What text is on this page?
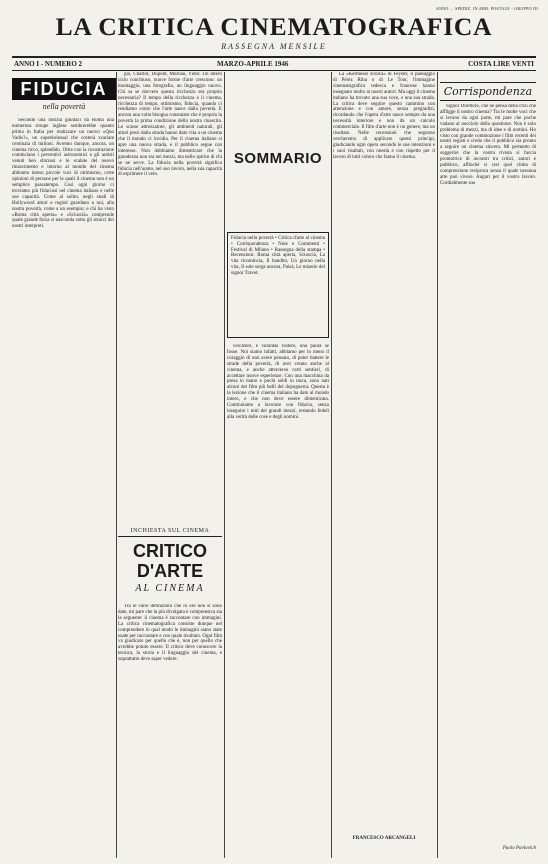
ANNO ... SPEDIZ. IN ABB. POSTALE - GRUPPO III
LA CRITICA CINEMATOGRAFICA
RASSEGNA MENSILE
ANNO I - NUMERO 2	MARZO-APRILE 1946	COSTA LIRE VENTI
FIDUCIA
nella povertà

Secondo una notizia giuntaci da Roma una numerosa troupe inglese sembrerebbe quanto prima in Italia per realizzare un nuovo «Quo Vadis?», un superkolossal che costerà svariate centinaia di milioni. Avremo dunque, ancora, un cinema ricco, splendido. Oltre con la ricostruzione cominciano i preventivi astronomici e gli autisti venuti ben sfarzosi e le scalate del nuovo rinascimento e intorno al mondo del cinema abbiamo inteso piccole voci di ottimismo, certe opinioni di persone per le quali il cinema non è un semplice passatempo. Così ogni giorno ci troviamo più fiduciosi nel cinema italiano e nelle sue capacità. Come al solito, negli studi di Hollywood attori e registi guardano a noi, alla nostra povertà, come a un esempio; e chi ha visto «Roma città aperta» e «Sciuscià» comprende quale grande forza si nasconda sotto gli stracci dei nostri interpreti.

gio, Charlot, Dupont, Murnau, Vidor. Un intero ciclo conchiuso, nuove forme d'arte crescono: un montaggio, una fotografia, un linguaggio nuovo. Chi sa se davvero questa ricchezza era proprio necessaria? Il tempo della ricchezza e il cinema, ricchezza di tempo, ottimismo, fiducia, quando ci rendiamo conto che l'arte nasce dalla povertà. E ancora una volta bisogna constatare che è proprio la povertà la prima condizione della nostra rinascita. Le scarse attrezzature, gli ambienti naturali, gli attori presi dalla strada hanno dato vita a un cinema che il mondo ci invidia. Per il cinema italiano si apre una nuova strada, e il pubblico segue con interesse. Non dobbiamo dimenticare che la grandezza non sta nei mezzi, ma nello spirito di chi se ne serve. La fiducia nella povertà significa fiducia nell'uomo, nel suo lavoro, nella sua capacità di esprimere il vero.

INCHIESTA SUL CINEMA
CRITICO D'ARTE
AL CINEMA

Tra le varie definizioni che in ore non si sono date, mi pare che la più divulgata è comprensiva sia la seguente: il cinema è raccontare con immagini. La critica cinematografica consiste dunque nel comprendere in qual modo le immagini siano state usate per raccontare e con quale risultato. Ogni film va giudicato per quello che è, non per quello che avrebbe potuto essere. Il critico deve conoscere la tecnica, la storia e il linguaggio del cinema, e soprattutto deve saper vedere.

SOMMARIO
Fiducia nella povertà • Critica d'arte al cinema • Corrispondenza • Note e Commenti • Festival di Milano • Rassegna della stampa • Recensioni: Roma città aperta, Sciuscià, La vita ricomincia, Il bandito, Un giorno nella vita, Il sole sorge ancora, Paisà, Le miserie del signor Travet.

cercatore, e vuluntas rostere, una paura se fosse. Noi siamo infatti, abbiamo per lo meno il coraggio di non avere pensato, di poter battere le strade della povertà, di aver creato anche al cinema, e anche attraverso certi sentieri, di accettare nuove esperienze. Con una macchina da presa in mano e pochi soldi in tasca, sono nati alcuni dei film più belli del dopoguerra. Questa è la lezione che il cinema italiano ha dato al mondo intero, e che non deve essere dimenticata. Continuiamo a lavorare con fiducia, senza inseguire i miti dei grandi mezzi, restando fedeli alla verità delle cose e degli uomini.

La «Kermesse Eroica» di Feyder, il paesaggio di Pérez Riba o di Le Tour, l'immagine cinematografica tedesca e francese hanno insegnato molto ai nostri autori. Ma oggi il cinema italiano ha trovato una sua voce, e una sua strada. La critica deve seguire questo cammino con attenzione e con amore, senza pregiudizi, ricordando che l'opera d'arte nasce sempre da una necessità interiore e non da un calcolo commerciale. Il film d'arte non è un genere, ma un risultato. Nelle recensioni che seguono cercheremo di applicare questi principi, giudicando ogni opera secondo le sue intenzioni e i suoi risultati, con onestà e con rispetto per il lavoro di tutti coloro che fanno il cinema.

FRANCESCO ARCANGELI
Corrispondenza

Signor Direttore, che ne pensa della crisi che affligge il nostro cinema? Tra le molte voci che si levano da ogni parte, mi pare che poche vadano al nocciolo della questione. Non è solo problema di mezzi, ma di idee e di uomini. Ho visto con grande commozione i film recenti dei nostri registi e credo che il pubblico sia pronto a seguire un cinema sincero. Mi permetto di suggerire che la vostra rivista si faccia promotrice di incontri tra critici, autori e pubblico, affinché si crei quel clima di comprensione reciproca senza il quale nessuna arte può vivere. Auguri per il vostro lavoro. Cordialmente suo

Paolo Pavlovich
